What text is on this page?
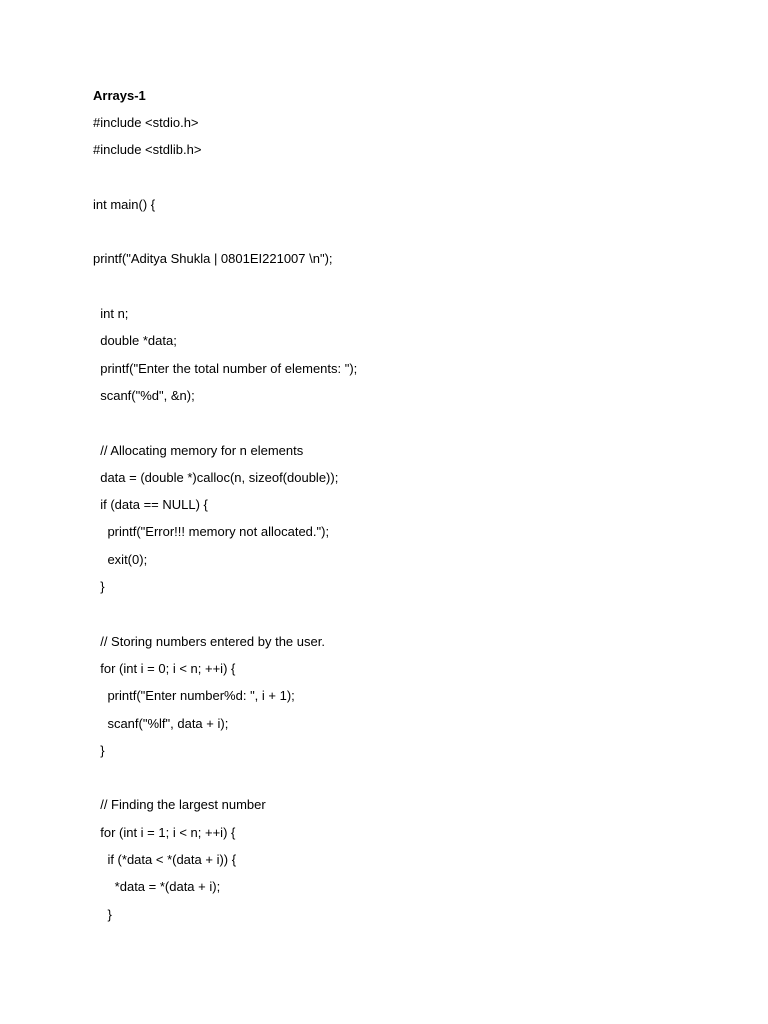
Arrays-1
#include <stdio.h>
#include <stdlib.h>
int main() {
printf("Aditya Shukla | 0801EI221007 \n");
int n;
double *data;
printf("Enter the total number of elements: ");
scanf("%d", &n);
// Allocating memory for n elements
data = (double *)calloc(n, sizeof(double));
if (data == NULL) {
printf("Error!!! memory not allocated.");
exit(0);
}
// Storing numbers entered by the user.
for (int i = 0; i < n; ++i) {
printf("Enter number%d: ", i + 1);
scanf("%lf", data + i);
}
// Finding the largest number
for (int i = 1; i < n; ++i) {
if (*data < *(data + i)) {
*data = *(data + i);
}
